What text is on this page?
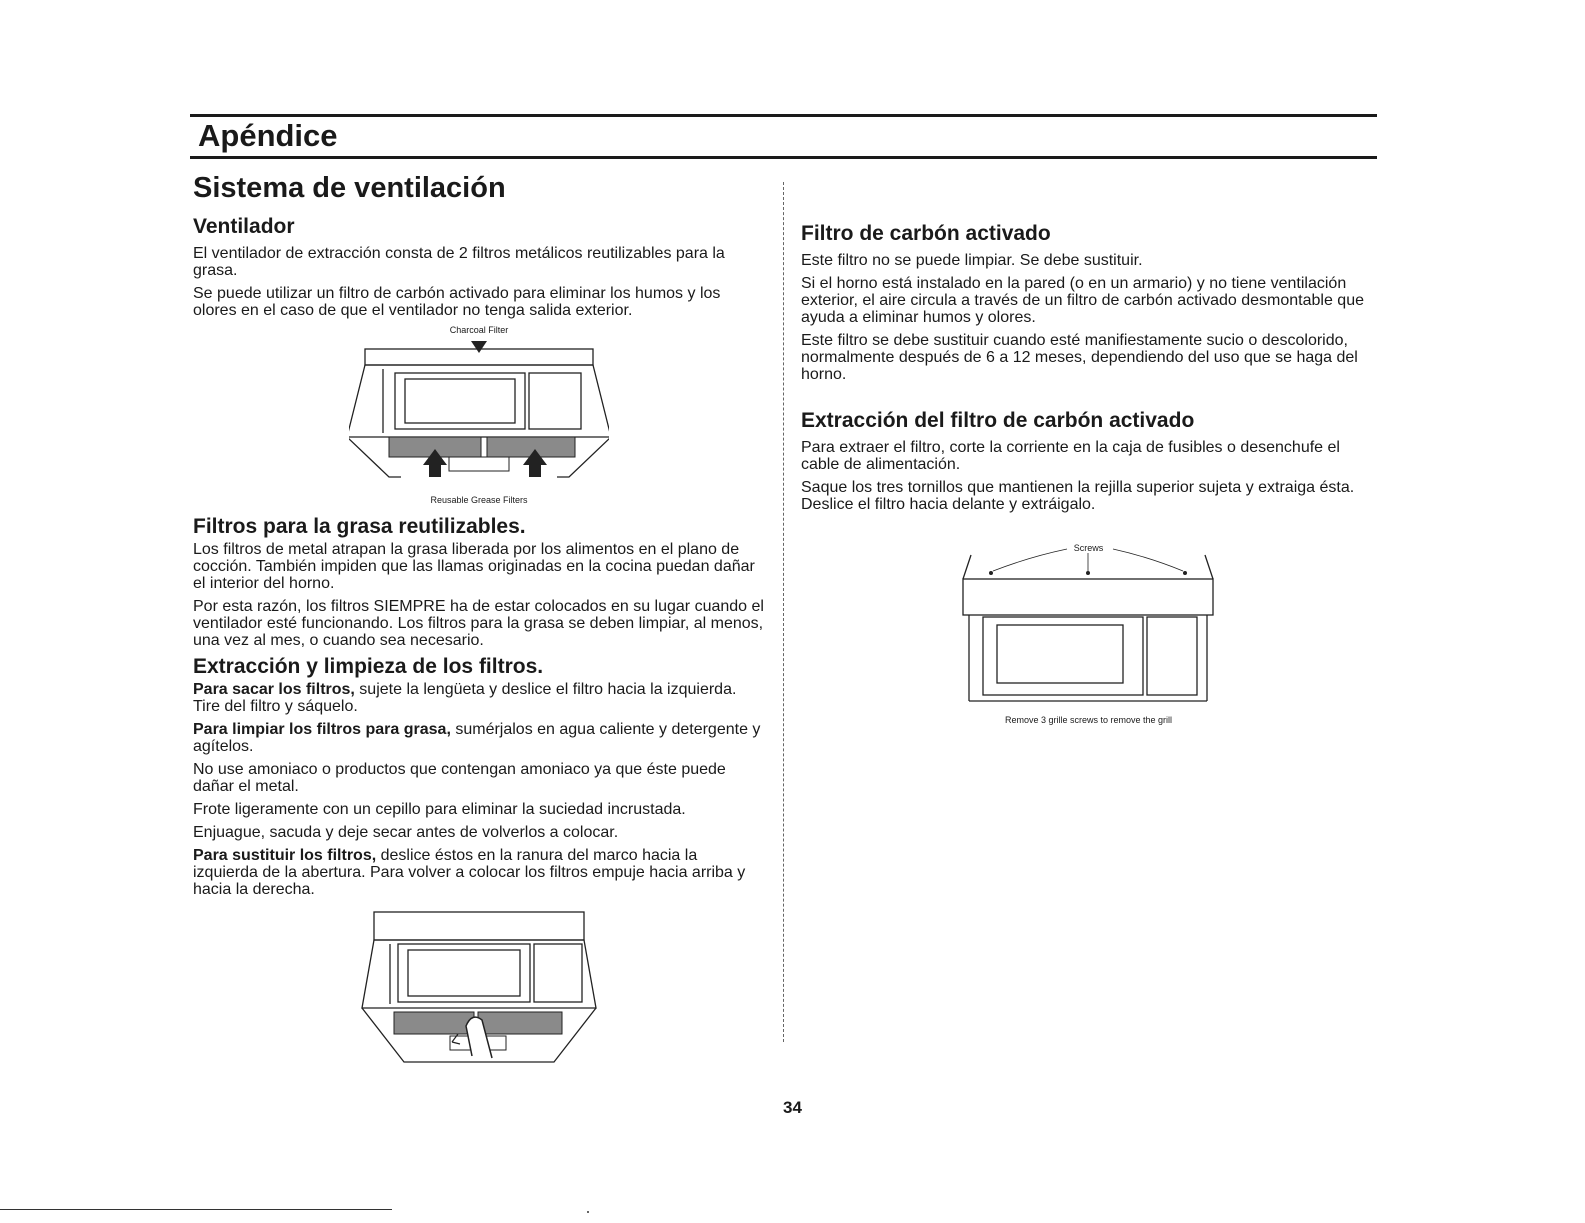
Apéndice
Sistema de ventilación
Ventilador

El ventilador de extracción consta de 2 filtros metálicos reutilizables para la grasa.

Se puede utilizar un filtro de carbón activado para eliminar los humos y los olores en el caso de que el ventilador no tenga salida exterior.

Charcoal Filter
Reusable Grease Filters
Filtros para la grasa reutilizables.

Los filtros de metal atrapan la grasa liberada por los alimentos en el plano de cocción. También impiden que las llamas originadas en la cocina puedan dañar el interior del horno.

Por esta razón, los filtros SIEMPRE ha de estar colocados en su lugar cuando el ventilador esté funcionando. Los filtros para la grasa se deben limpiar, al menos, una vez al mes, o cuando sea necesario.

Extracción y limpieza de los filtros.

Para sacar los filtros, sujete la lengüeta y deslice el filtro hacia la izquierda. Tire del filtro y sáquelo.

Para limpiar los filtros para grasa, sumérjalos en agua caliente y detergente y agítelos.

No use amoniaco o productos que contengan amoniaco ya que éste puede dañar el metal.

Frote ligeramente con un cepillo para eliminar la suciedad incrustada.

Enjuague, sacuda y deje secar antes de volverlos a colocar.

Para sustituir los filtros, deslice éstos en la ranura del marco hacia la izquierda de la abertura. Para volver a colocar los filtros empuje hacia arriba y hacia la derecha.

Filtro de carbón activado

Este filtro no se puede limpiar. Se debe sustituir.

Si el horno está instalado en la pared (o en un armario) y no tiene ventilación exterior, el aire circula a través de un filtro de carbón activado desmontable que ayuda a eliminar humos y olores.

Este filtro se debe sustituir cuando esté manifiestamente sucio o descolorido, normalmente después de 6 a 12 meses, dependiendo del uso que se haga del horno.

Extracción del filtro de carbón activado

Para extraer el filtro, corte la corriente en la caja de fusibles o desenchufe el cable de alimentación.

Saque los tres tornillos que mantienen la rejilla superior sujeta y extraiga ésta. Deslice el filtro hacia delante y extráigalo.

Screws
Remove 3 grille screws to remove the grill
34
